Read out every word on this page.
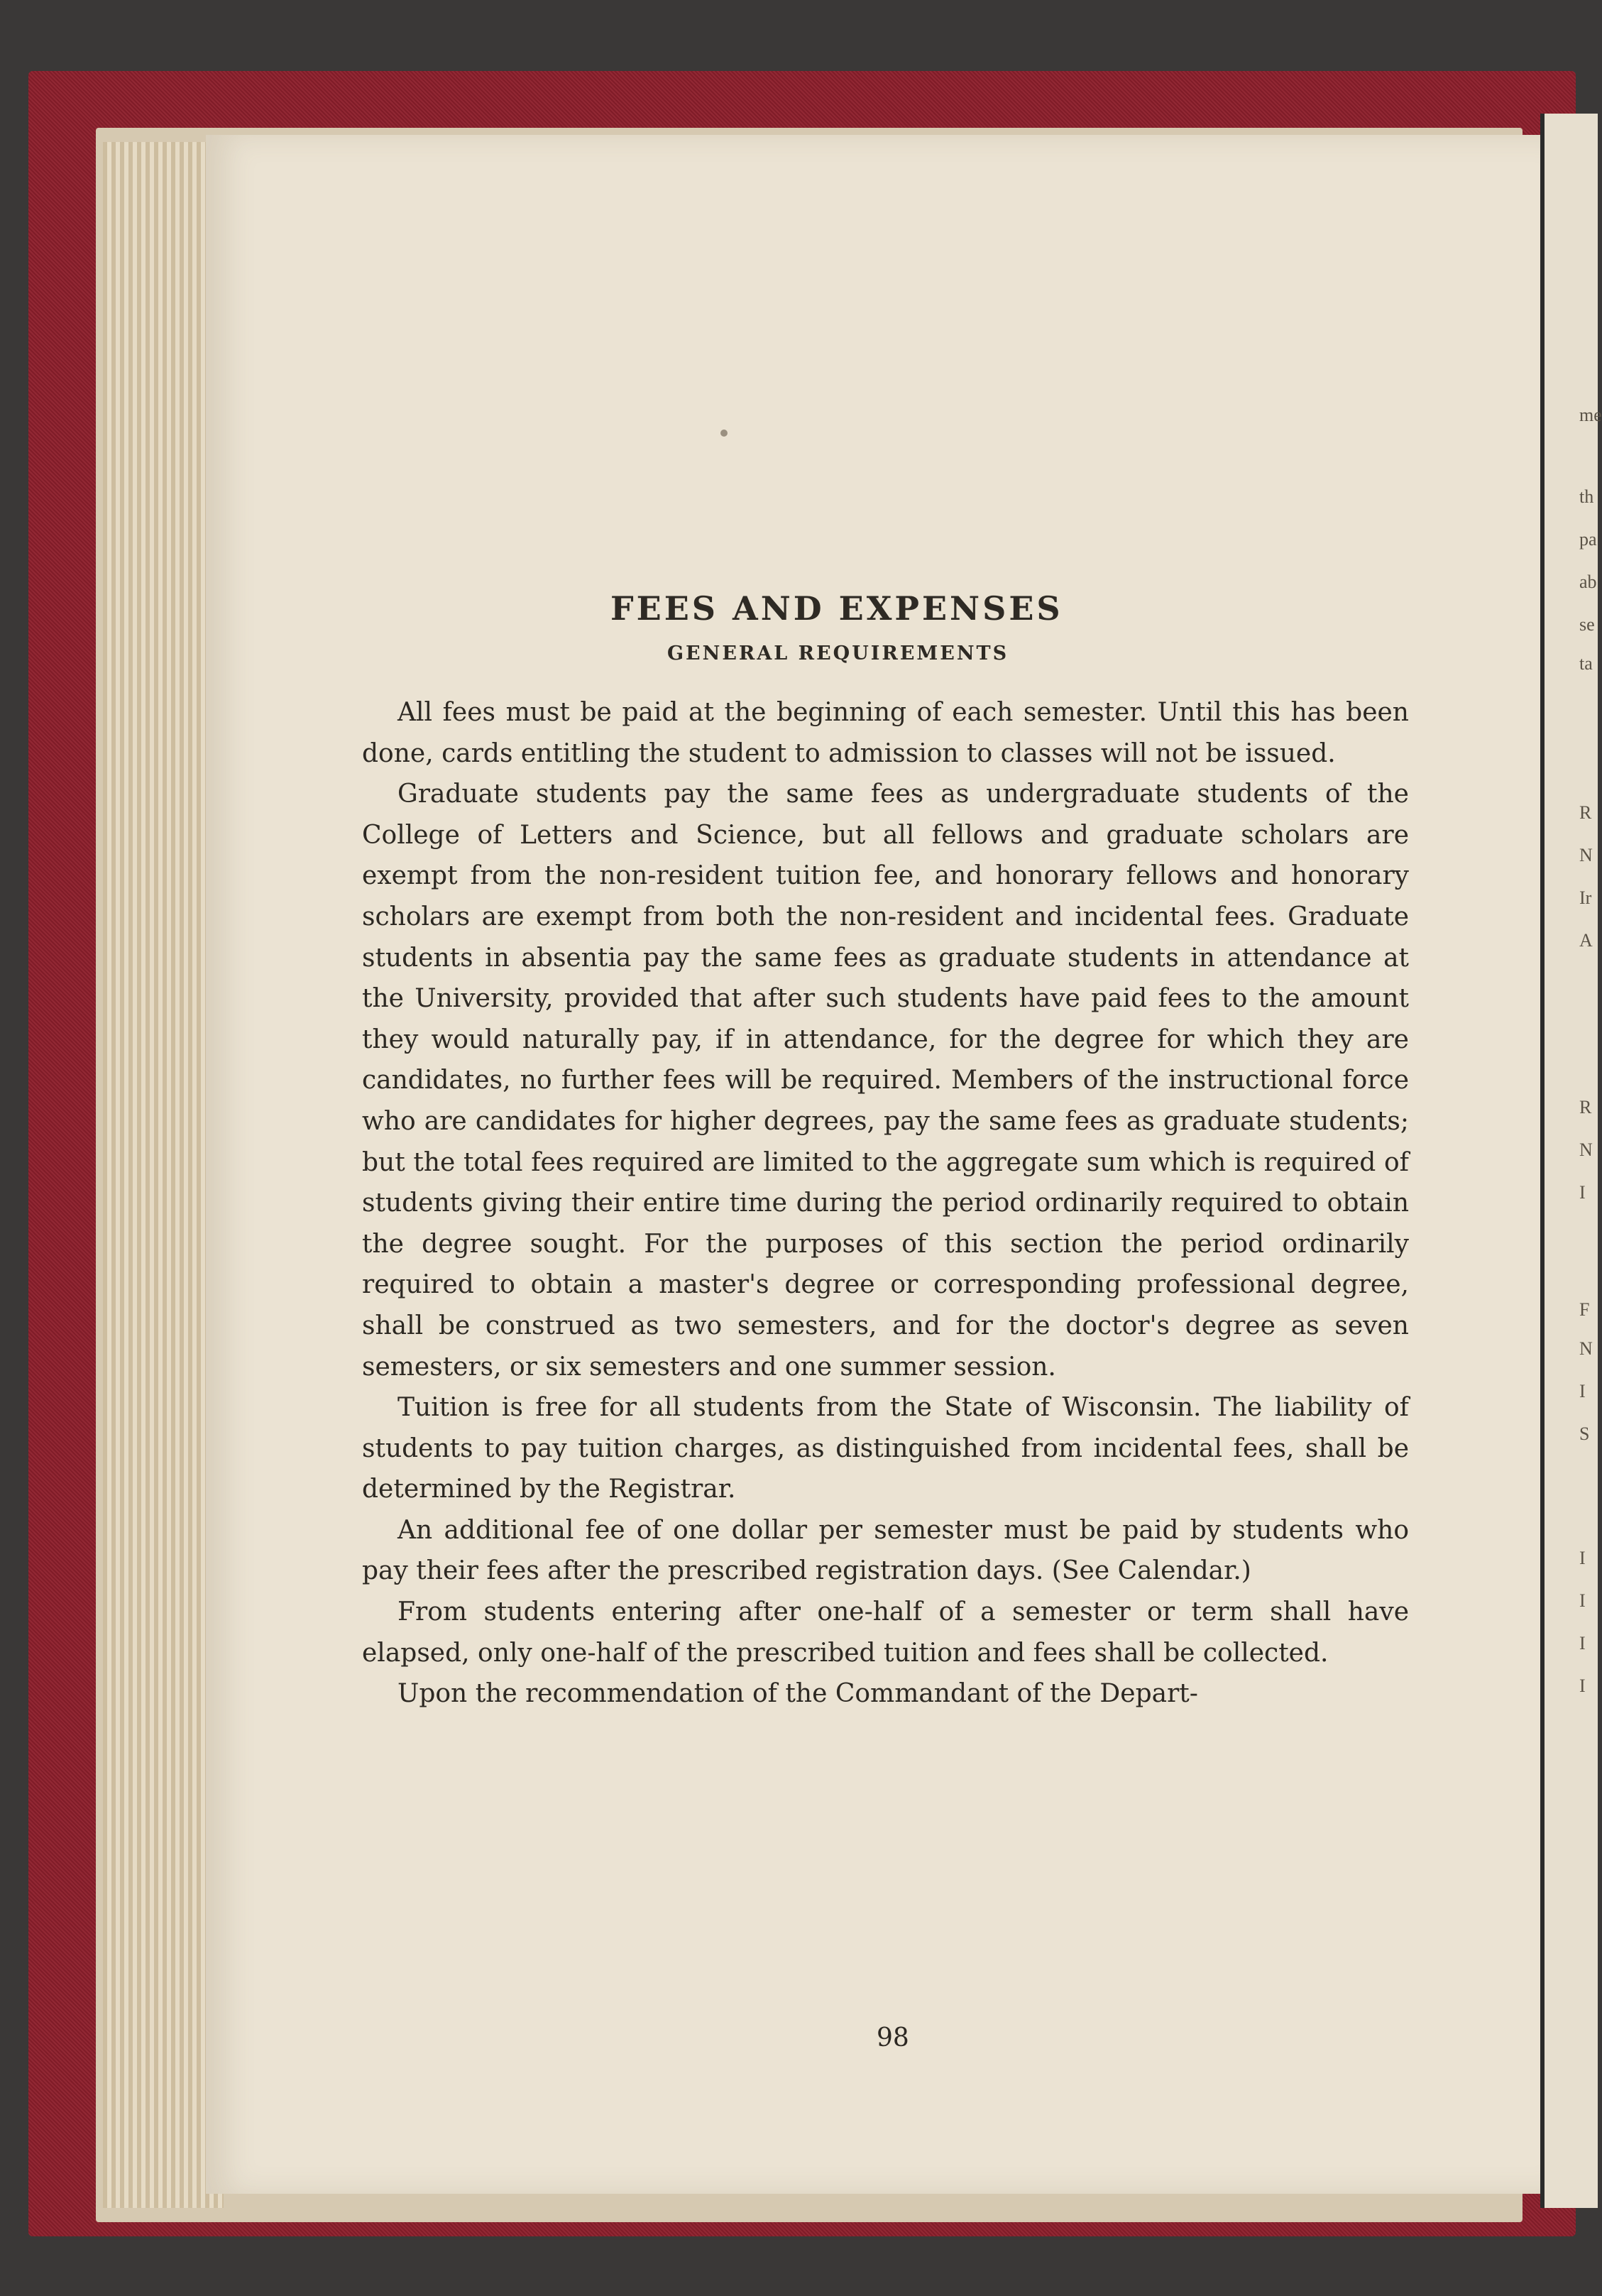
me
th
pa
ab
se
ta
R
N
Ir
A
R
N
I
F
N
I
S
I
I
I
I
FEES AND EXPENSES
GENERAL REQUIREMENTS

All fees must be paid at the beginning of each semester. Until this has been done, cards entitling the student to admission to classes will not be issued.

Graduate students pay the same fees as undergraduate students of the College of Letters and Science, but all fellows and graduate scholars are exempt from the non-resident tuition fee, and honorary fellows and honorary scholars are exempt from both the non-resident and incidental fees. Graduate students in absentia pay the same fees as graduate students in attendance at the University, provided that after such students have paid fees to the amount they would naturally pay, if in attendance, for the degree for which they are candidates, no further fees will be required. Members of the instructional force who are candidates for higher degrees, pay the same fees as graduate students; but the total fees required are limited to the aggregate sum which is required of students giving their entire time during the period ordinarily required to obtain the degree sought. For the purposes of this section the period ordinarily required to obtain a master's degree or corresponding professional degree, shall be construed as two semesters, and for the doctor's degree as seven semesters, or six semesters and one summer session.

Tuition is free for all students from the State of Wisconsin. The liability of students to pay tuition charges, as distinguished from incidental fees, shall be determined by the Registrar.

An additional fee of one dollar per semester must be paid by students who pay their fees after the prescribed registration days. (See Calendar.)

From students entering after one-half of a semester or term shall have elapsed, only one-half of the prescribed tuition and fees shall be collected.

Upon the recommendation of the Commandant of the Depart-

98
